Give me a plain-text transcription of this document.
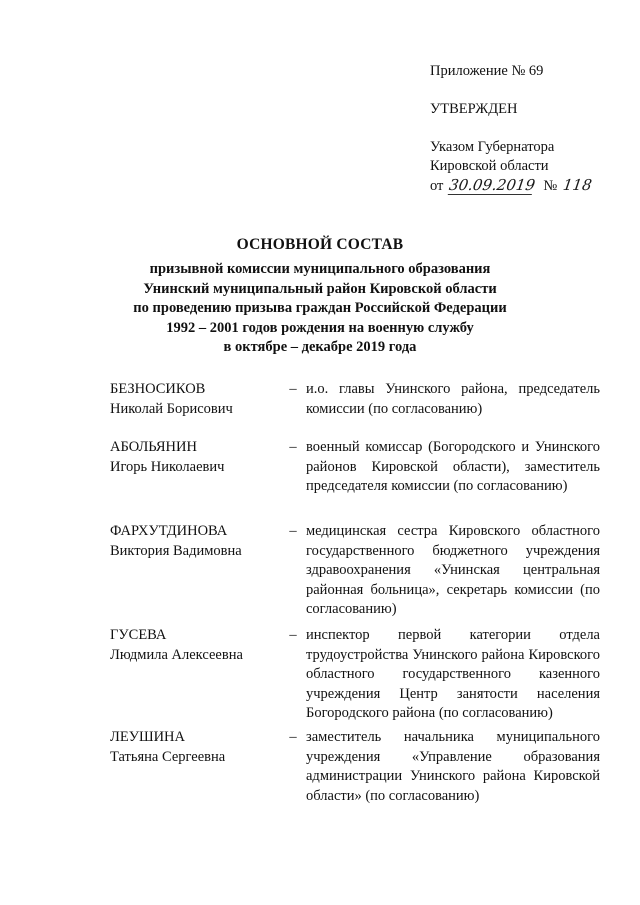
Приложение № 69
УТВЕРЖДЕН
Указом Губернатора
Кировской области
от 30.09.2019 № 118
ОСНОВНОЙ СОСТАВ
призывной комиссии муниципального образования
Унинский муниципальный район Кировской области
по проведению призыва граждан Российской Федерации
1992 – 2001 годов рождения на военную службу
в октябре – декабре 2019 года
БЕЗНОСИКОВ
Николай Борисович
– и.о. главы Унинского района, председатель комиссии (по согласованию)
АБОЛЬЯНИН
Игорь Николаевич
– военный комиссар (Богородского и Унинского районов Кировской области), заместитель председателя комиссии (по согласованию)
ФАРХУТДИНОВА
Виктория Вадимовна
– медицинская сестра Кировского областного государственного бюджетного учреждения здравоохранения «Унинская центральная районная больница», секретарь комиссии (по согласованию)
ГУСЕВА
Людмила Алексеевна
– инспектор первой категории отдела трудоустройства Унинского района Кировского областного государственного казенного учреждения Центр занятости населения Богородского района (по согласованию)
ЛЕУШИНА
Татьяна Сергеевна
– заместитель начальника муниципального учреждения «Управление образования администрации Унинского района Кировской области» (по согласованию)
